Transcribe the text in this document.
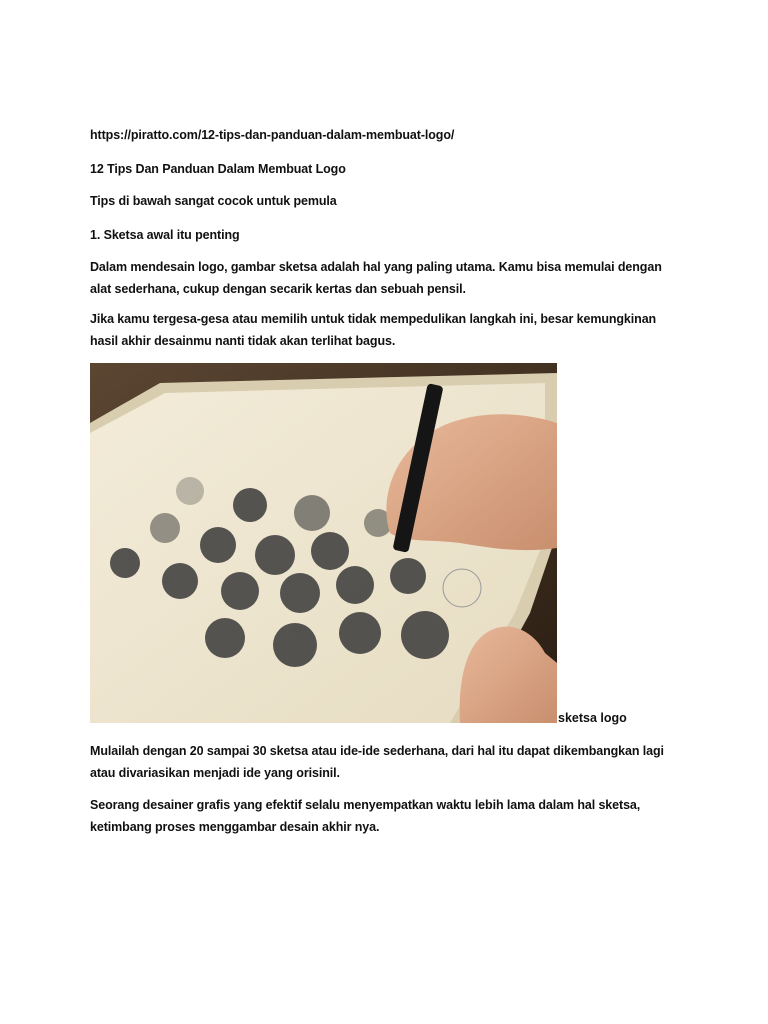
https://piratto.com/12-tips-dan-panduan-dalam-membuat-logo/

12 Tips Dan Panduan Dalam Membuat Logo

Tips di bawah sangat cocok untuk pemula

1. Sketsa awal itu penting

Dalam mendesain logo, gambar sketsa adalah hal yang paling utama. Kamu bisa memulai dengan alat sederhana, cukup dengan secarik kertas dan sebuah pensil.

Jika kamu tergesa-gesa atau memilih untuk tidak mempedulikan langkah ini, besar kemungkinan hasil akhir desainmu nanti tidak akan terlihat bagus.

sketsa logo

Mulailah dengan 20 sampai 30 sketsa atau ide-ide sederhana, dari hal itu dapat dikembangkan lagi atau divariasikan menjadi ide yang orisinil.

Seorang desainer grafis yang efektif selalu menyempatkan waktu lebih lama dalam hal sketsa, ketimbang proses menggambar desain akhir nya.
